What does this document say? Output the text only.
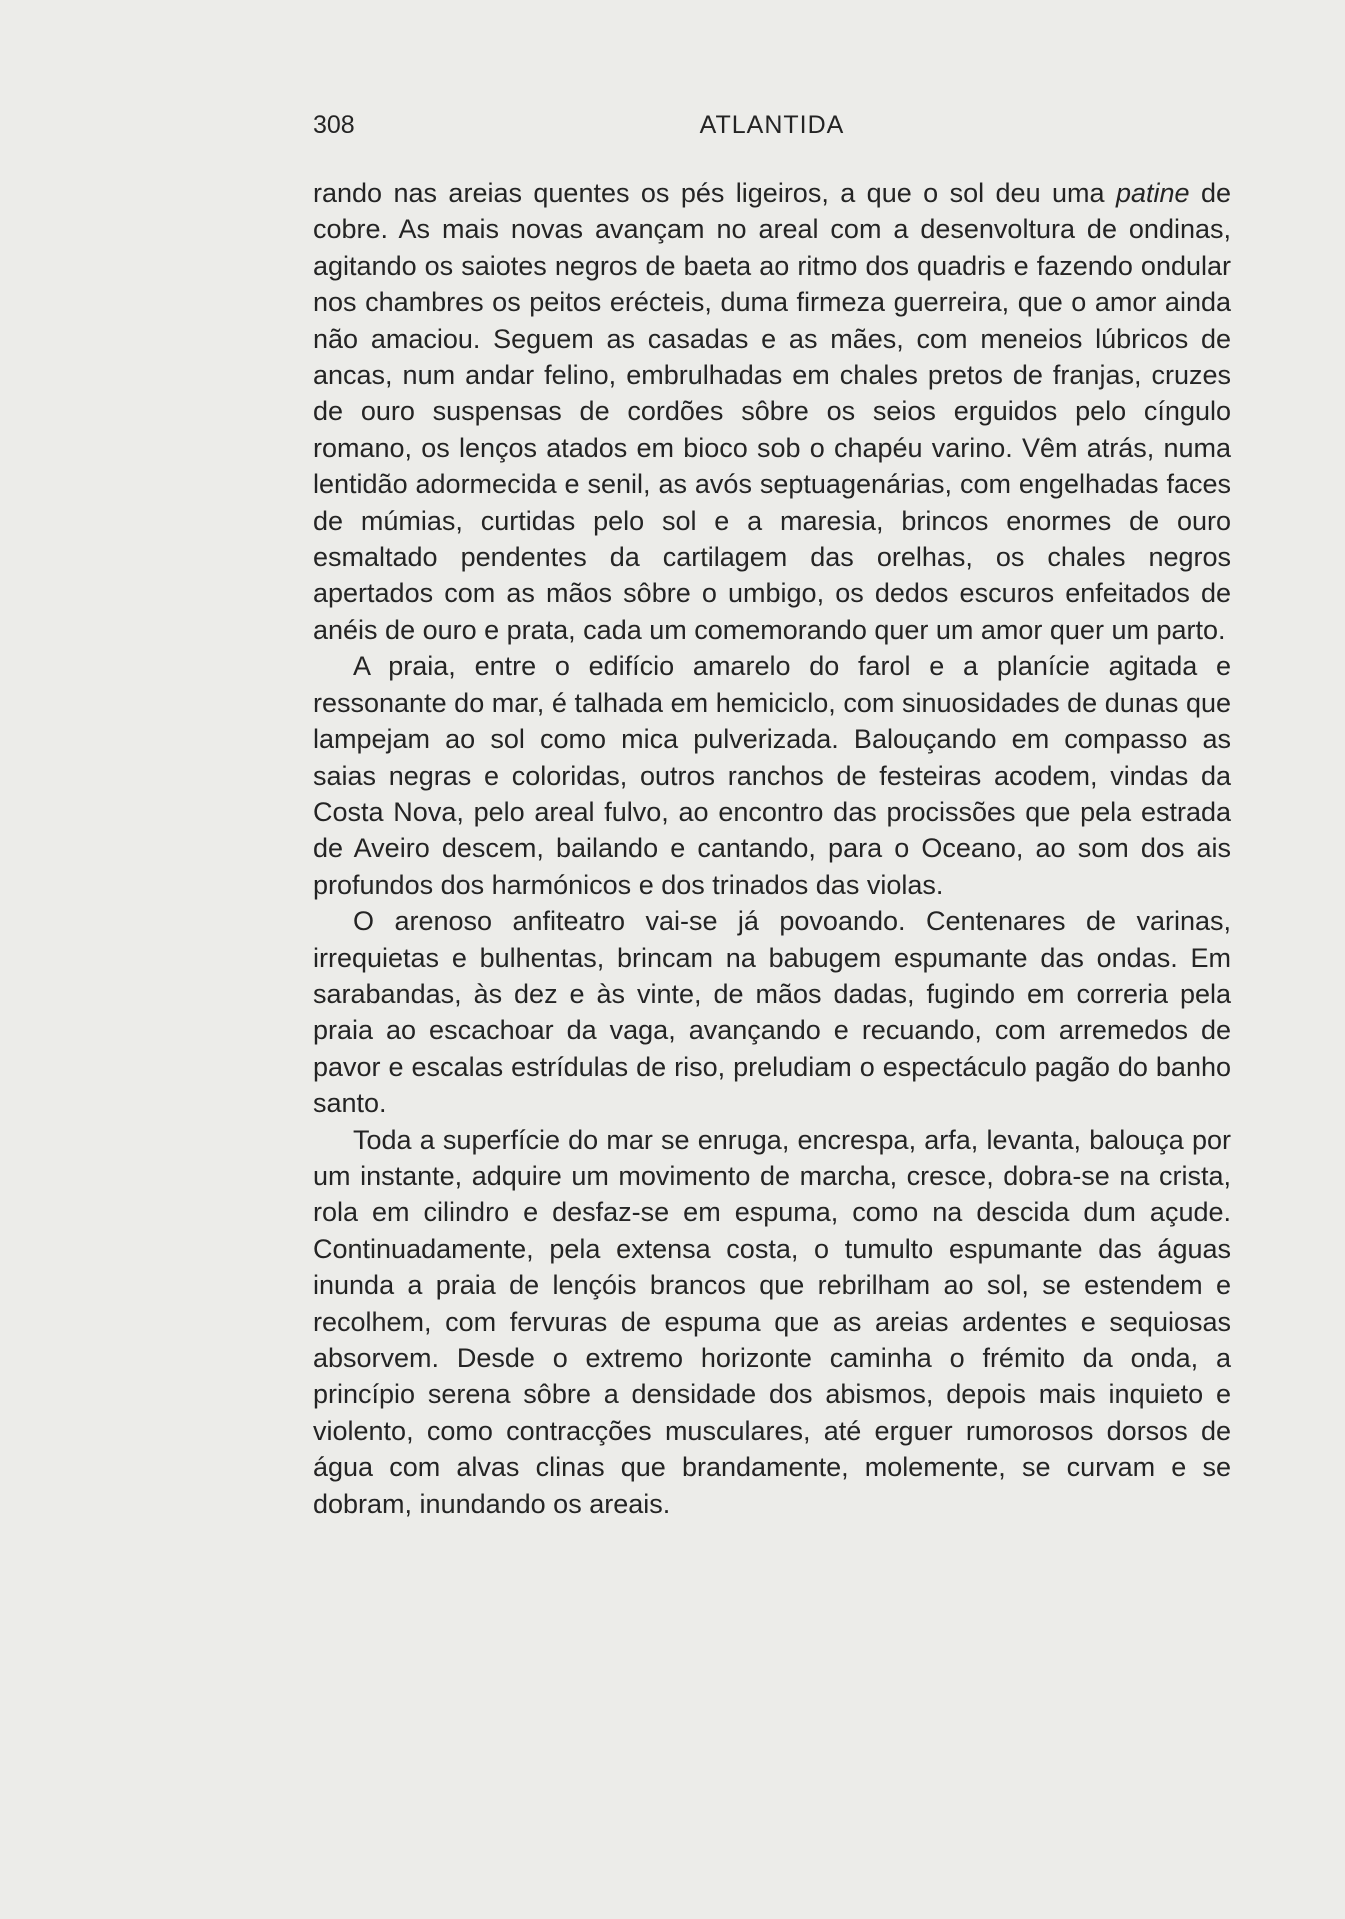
308	ATLANTIDA

rando nas areias quentes os pés ligeiros, a que o sol deu uma patine de cobre. As mais novas avançam no areal com a desenvoltura de ondinas, agitando os saiotes negros de baeta ao ritmo dos quadris e fazendo ondular nos chambres os peitos erécteis, duma firmeza guerreira, que o amor ainda não amaciou. Seguem as casadas e as mães, com meneios lúbricos de ancas, num andar felino, embrulhadas em chales pretos de franjas, cruzes de ouro suspensas de cordões sôbre os seios erguidos pelo cíngulo romano, os lenços atados em bioco sob o chapéu varino. Vêm atrás, numa lentidão adormecida e senil, as avós septuagenárias, com engelhadas faces de múmias, curtidas pelo sol e a maresia, brincos enormes de ouro esmaltado pendentes da cartilagem das orelhas, os chales negros apertados com as mãos sôbre o umbigo, os dedos escuros enfeitados de anéis de ouro e prata, cada um comemorando quer um amor quer um parto.

A praia, entre o edifício amarelo do farol e a planície agitada e ressonante do mar, é talhada em hemiciclo, com sinuosidades de dunas que lampejam ao sol como mica pulverizada. Balouçando em compasso as saias negras e coloridas, outros ranchos de festeiras acodem, vindas da Costa Nova, pelo areal fulvo, ao encontro das procissões que pela estrada de Aveiro descem, bailando e cantando, para o Oceano, ao som dos ais profundos dos harmónicos e dos trinados das violas.

O arenoso anfiteatro vai-se já povoando. Centenares de varinas, irrequietas e bulhentas, brincam na babugem espumante das ondas. Em sarabandas, às dez e às vinte, de mãos dadas, fugindo em correria pela praia ao escachoar da vaga, avançando e recuando, com arremedos de pavor e escalas estrídulas de riso, preludiam o espectáculo pagão do banho santo.

Toda a superfície do mar se enruga, encrespa, arfa, levanta, balouça por um instante, adquire um movimento de marcha, cresce, dobra-se na crista, rola em cilindro e desfaz-se em espuma, como na descida dum açude. Continuadamente, pela extensa costa, o tumulto espumante das águas inunda a praia de lençóis brancos que rebrilham ao sol, se estendem e recolhem, com fervuras de espuma que as areias ardentes e sequiosas absorvem. Desde o extremo horizonte caminha o frémito da onda, a princípio serena sôbre a densidade dos abismos, depois mais inquieto e violento, como contracções musculares, até erguer rumorosos dorsos de água com alvas clinas que brandamente, molemente, se curvam e se dobram, inundando os areais.
